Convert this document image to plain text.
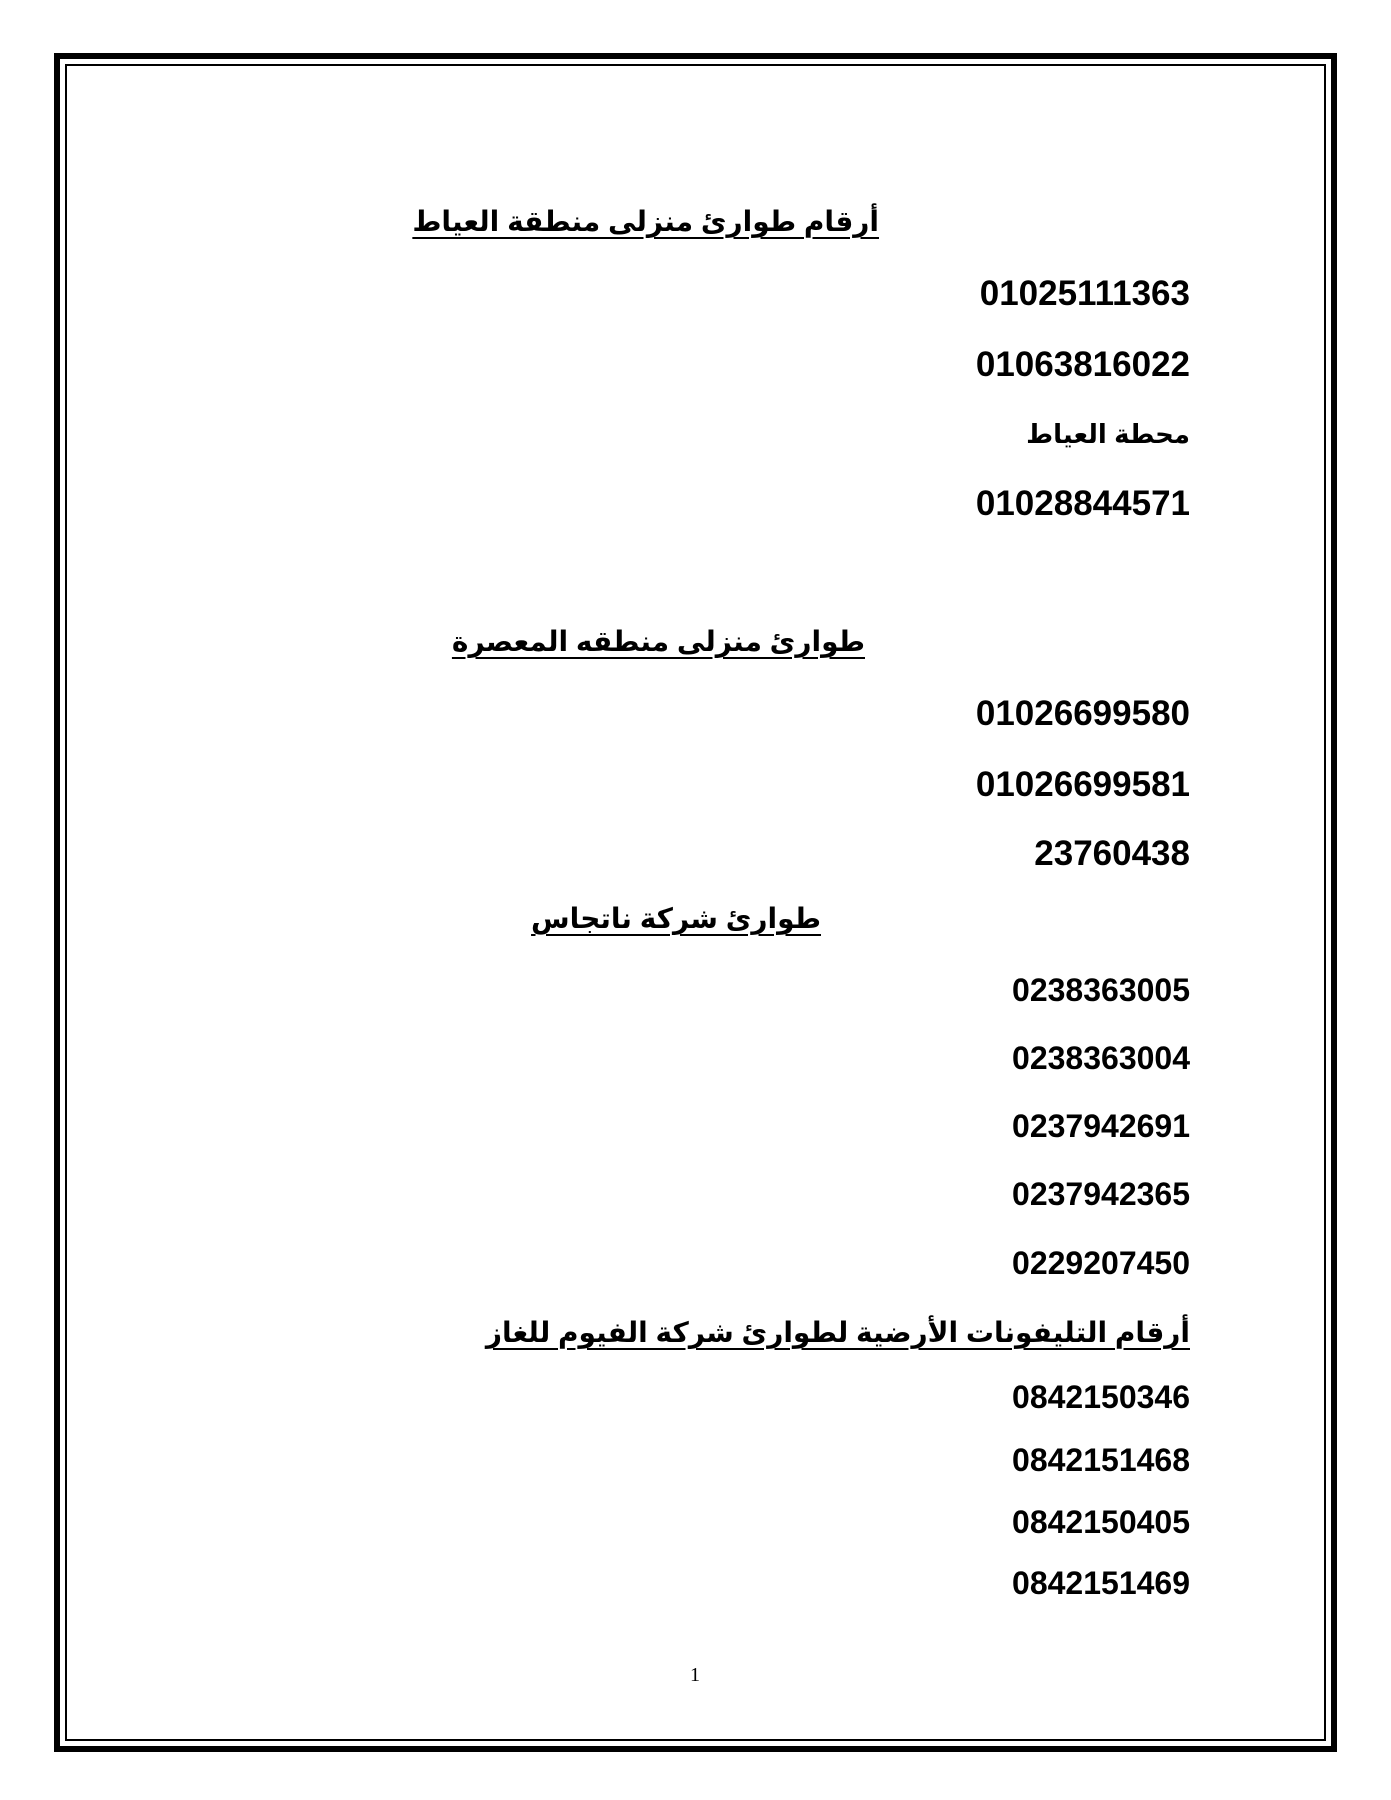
أرقام طوارئ منزلى منطقة العياط
01025111363
01063816022
محطة العياط
01028844571
طوارئ منزلى منطقه المعصرة
01026699580
01026699581
23760438
طوارئ شركة ناتجاس
0238363005
0238363004
0237942691
0237942365
0229207450
أرقام التليفونات الأرضية لطوارئ شركة الفيوم للغاز
0842150346
0842151468
0842150405
0842151469
1
